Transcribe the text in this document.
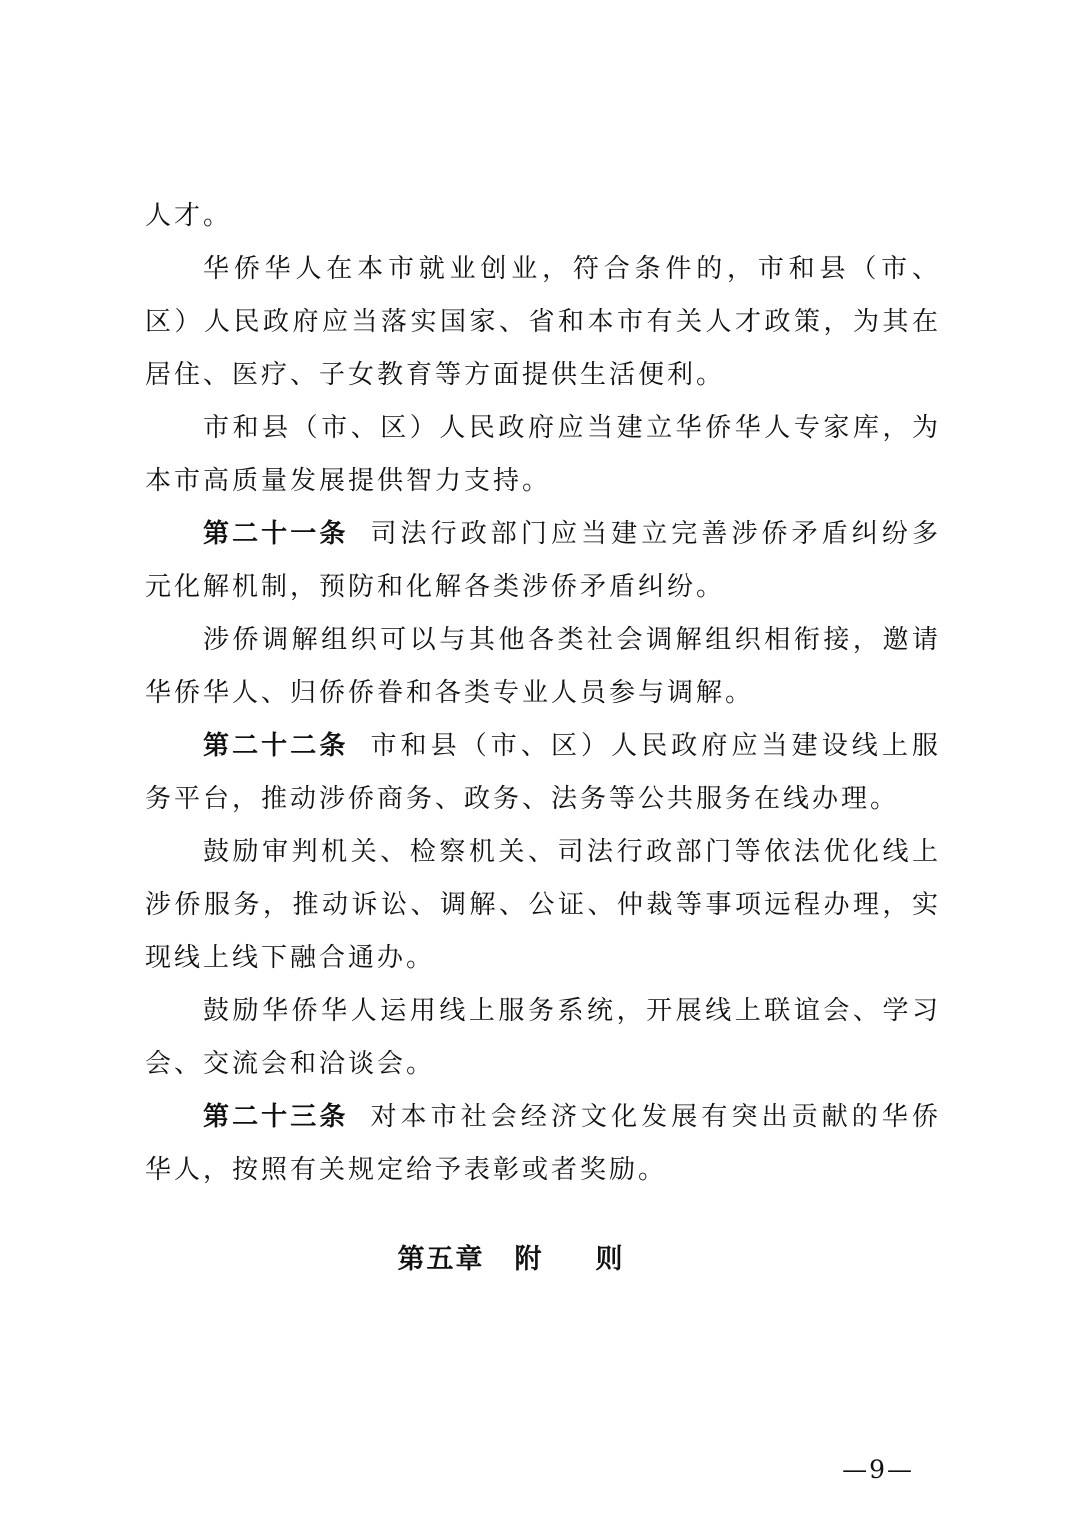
人才。

华侨华人在本市就业创业，符合条件的，市和县（市、区）人民政府应当落实国家、省和本市有关人才政策，为其在居住、医疗、子女教育等方面提供生活便利。

市和县（市、区）人民政府应当建立华侨华人专家库，为本市高质量发展提供智力支持。

第二十一条 司法行政部门应当建立完善涉侨矛盾纠纷多元化解机制，预防和化解各类涉侨矛盾纠纷。

涉侨调解组织可以与其他各类社会调解组织相衔接，邀请华侨华人、归侨侨眷和各类专业人员参与调解。

第二十二条 市和县（市、区）人民政府应当建设线上服务平台，推动涉侨商务、政务、法务等公共服务在线办理。

鼓励审判机关、检察机关、司法行政部门等依法优化线上涉侨服务，推动诉讼、调解、公证、仲裁等事项远程办理，实现线上线下融合通办。

鼓励华侨华人运用线上服务系统，开展线上联谊会、学习会、交流会和洽谈会。

第二十三条 对本市社会经济文化发展有突出贡献的华侨华人，按照有关规定给予表彰或者奖励。

第五章 附则
—9—
